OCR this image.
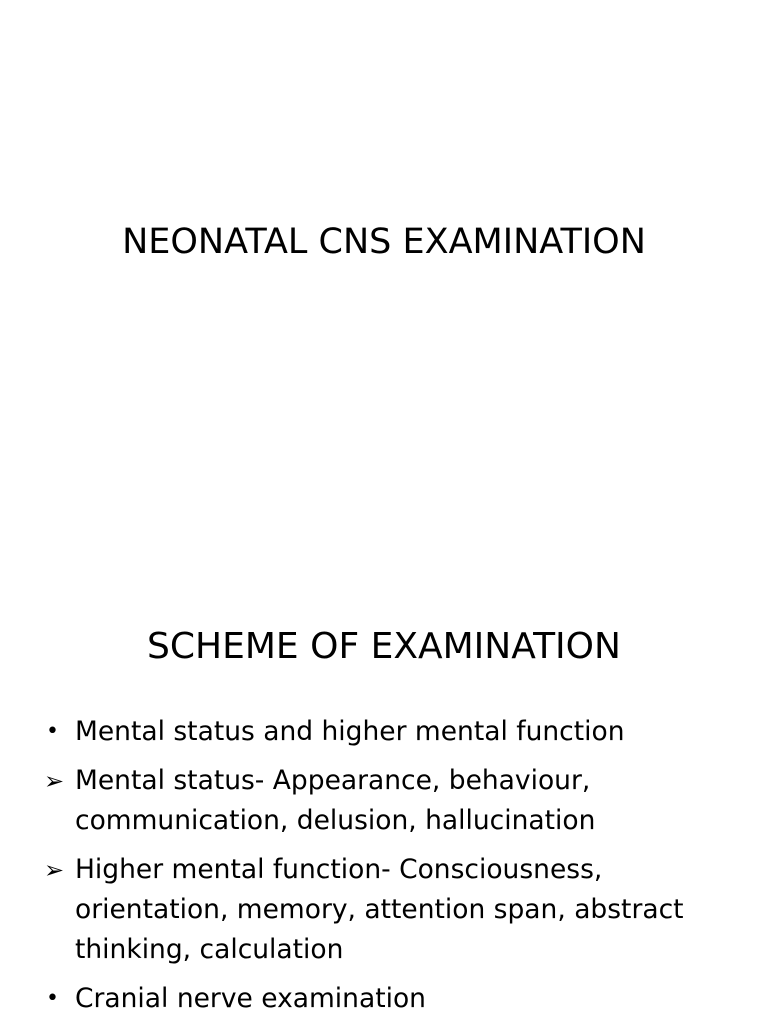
NEONATAL CNS EXAMINATION
SCHEME OF EXAMINATION
• Mental status and higher mental function
➢ Mental status- Appearance, behaviour, communication, delusion, hallucination
➢ Higher mental function- Consciousness, orientation, memory, attention span, abstract thinking, calculation
• Cranial nerve examination
